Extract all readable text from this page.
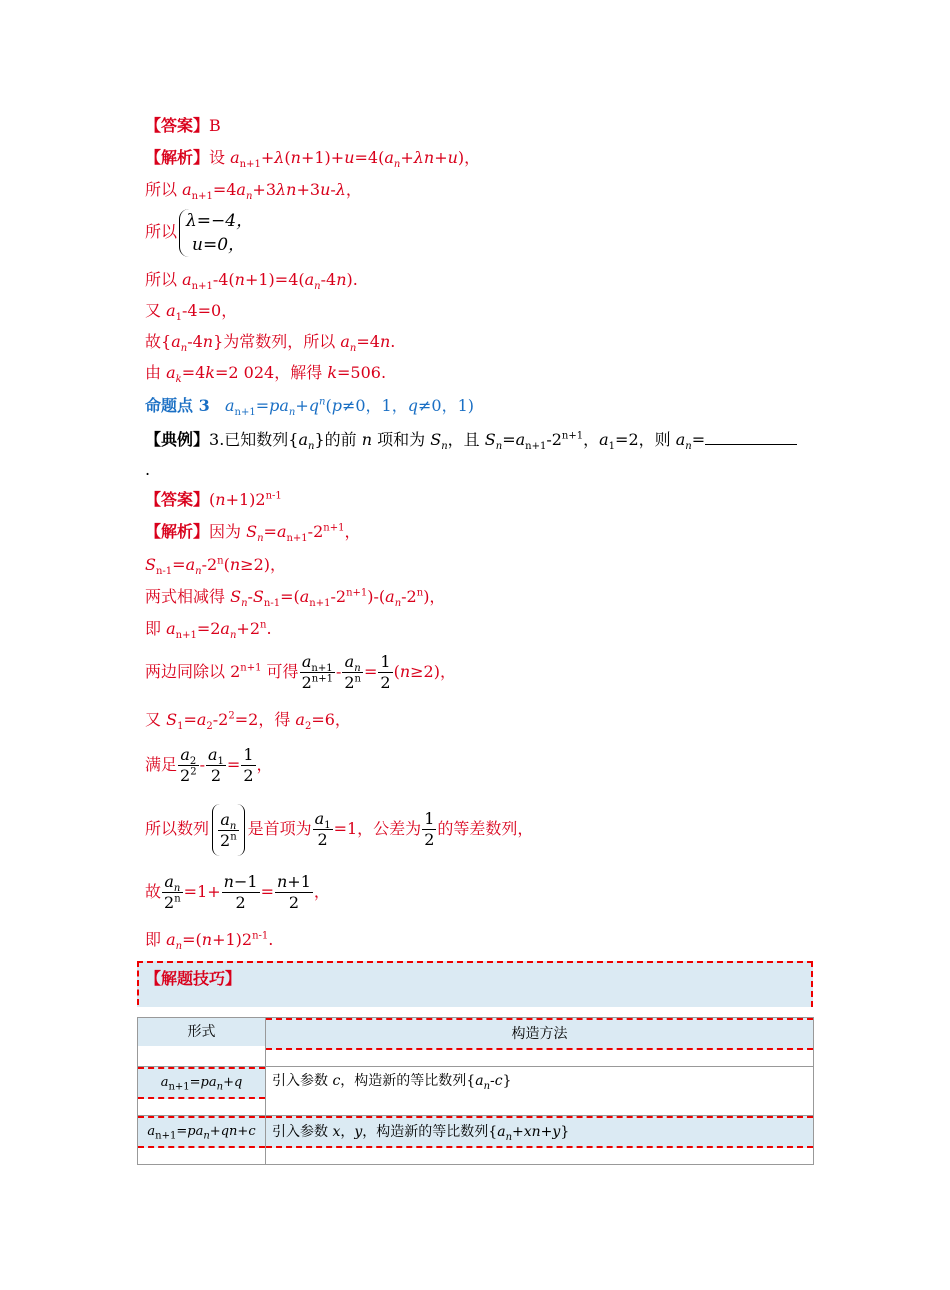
【答案】B
【解析】设 $a_{n+1}+\lambda(n+1)+u=4(a_n+\lambda n+u)$，
所以 $a_{n+1}=4a_n+3\lambda n+3u-\lambda$，
所以
λ=−4，
u=0，
所以 $a_{n+1}-4(n+1)=4(a_n-4n)$.
又 $a_1-4=0$，
故$\{a_n-4n\}$为常数列，所以 $a_n=4n$.
由 $a_k=4k=2$ 024，解得 k=506.
命题点 3 $a_{n+1}=pa_n+q^n(p\ne 0$，1，q≠0，1)
【典例】3.已知数列$\{a_n\}$的前 n 项和为 $S_n$，且 $S_n=a_{n+1}-2^{n+1}$，$a_1=2$，则 $a_n=$
.
【答案】$(n+1)2^{n-1}$
【解析】因为 $S_n=a_{n+1}-2^{n+1}$，
$S_{n-1}=a_n-2^n(n\ge 2)$，
两式相减得 $S_n-S_{n-1}=(a_{n+1}-2^{n+1})-(a_n-2^n)$，
即 $a_{n+1}=2a_n+2^n$.
两边同除以 $2^{n+1}$ 可得 $\frac{a_{n+1}}{2^{n+1}} - \frac{a_n}{2^n} = \frac{1}{2} (n\ge 2)$，
又 $S_1=a_2-2^2=2$，得 $a_2=6$，
满足 $\frac{a_2}{2^2} - \frac{a_1}{2} = \frac{1}{2}$ ，
所以数列 $\frac{a_n}{2^n}$ 是首项为 $\frac{a_1}{2} =1$，公差为 $\frac{1}{2}$ 的等差数列，
故 $\frac{a_n}{2^n} =1+ \frac{n-1}{2} = \frac{n+1}{2}$ ，
即 $a_n=(n+1)2^{n-1}$.
【解题技巧】
形式	构造方法

$a_{n+1}=pa_n+q$	引入参数 c，构造新的等比数列$\{a_n-c\}$

$a_{n+1}=pa_n+qn+c$	引入参数 x，y，构造新的等比数列$\{a_n+xn+y\}$
